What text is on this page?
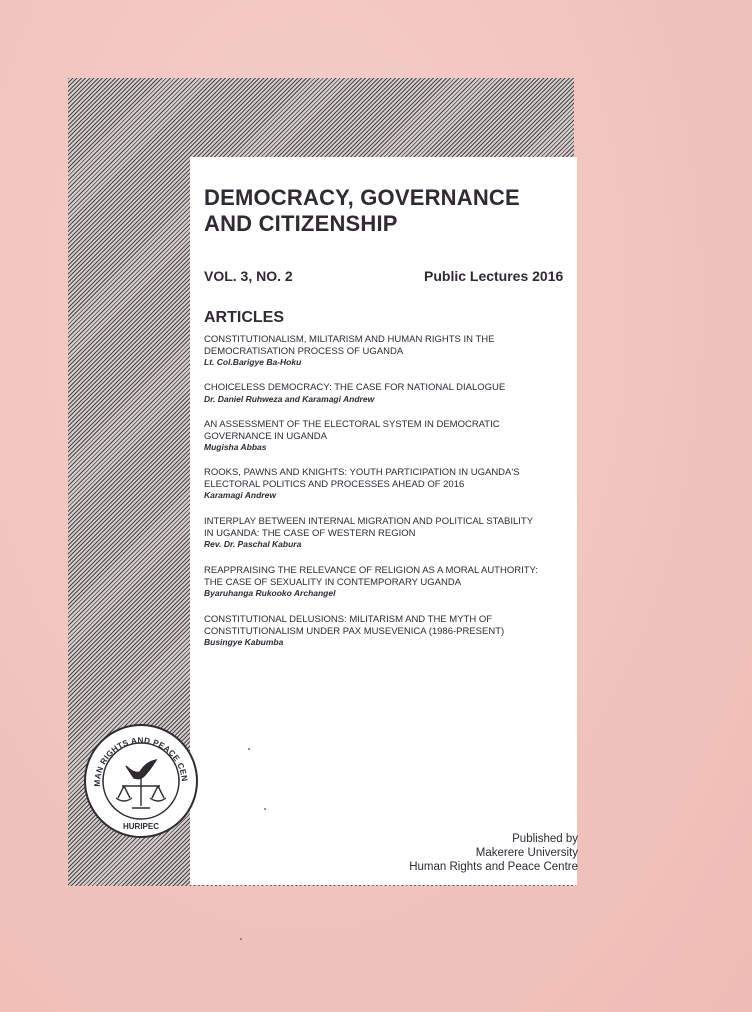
DEMOCRACY, GOVERNANCE
AND CITIZENSHIP
VOL. 3, NO. 2	Public Lectures 2016
ARTICLES
CONSTITUTIONALISM, MILITARISM AND HUMAN RIGHTS IN THE
DEMOCRATISATION PROCESS OF UGANDA
Lt. Col.Barigye Ba-Hoku
CHOICELESS DEMOCRACY: THE CASE FOR NATIONAL DIALOGUE
Dr. Daniel Ruhweza and Karamagi Andrew
AN ASSESSMENT OF THE ELECTORAL SYSTEM IN DEMOCRATIC
GOVERNANCE IN UGANDA
Mugisha Abbas
ROOKS, PAWNS AND KNIGHTS: YOUTH PARTICIPATION IN UGANDA'S
ELECTORAL POLITICS AND PROCESSES AHEAD OF 2016
Karamagi Andrew
INTERPLAY BETWEEN INTERNAL MIGRATION AND POLITICAL STABILITY
IN UGANDA: THE CASE OF WESTERN REGION
Rev. Dr. Paschal Kabura
REAPPRAISING THE RELEVANCE OF RELIGION AS A MORAL AUTHORITY:
THE CASE OF SEXUALITY IN CONTEMPORARY UGANDA
Byaruhanga Rukooko Archangel
CONSTITUTIONAL DELUSIONS: MILITARISM AND THE MYTH OF
CONSTITUTIONALISM UNDER PAX MUSEVENICA (1986-PRESENT)
Busingye Kabumba
MAN RIGHTS AND PEACE CEN
HURIPEC
Published by
Makerere University
Human Rights and Peace Centre
